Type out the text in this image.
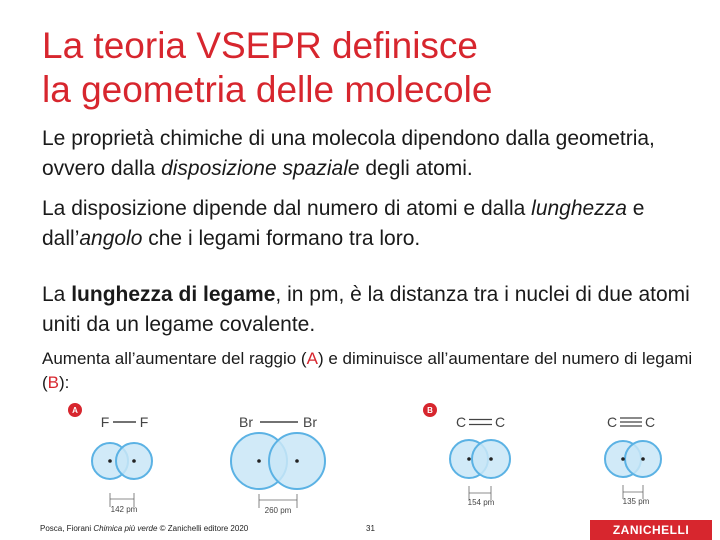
La teoria VSEPR definisce
la geometria delle molecole

Le proprietà chimiche di una molecola dipendono dalla geometria, ovvero dalla disposizione spaziale degli atomi.

La disposizione dipende dal numero di atomi e dalla lunghezza e dall’angolo che i legami formano tra loro.

La lunghezza di legame, in pm, è la distanza tra i nuclei di due atomi uniti da un legame covalente.

Aumenta all’aumentare del raggio (A) e diminuisce all’aumentare del numero di legami (B):

A
F F
142 pm
Br	Br
260 pm
B
C C
154 pm
C C
135 pm
Posca, Fiorani Chimica più verde © Zanichelli editore 2020	31	ZANICHELLI
